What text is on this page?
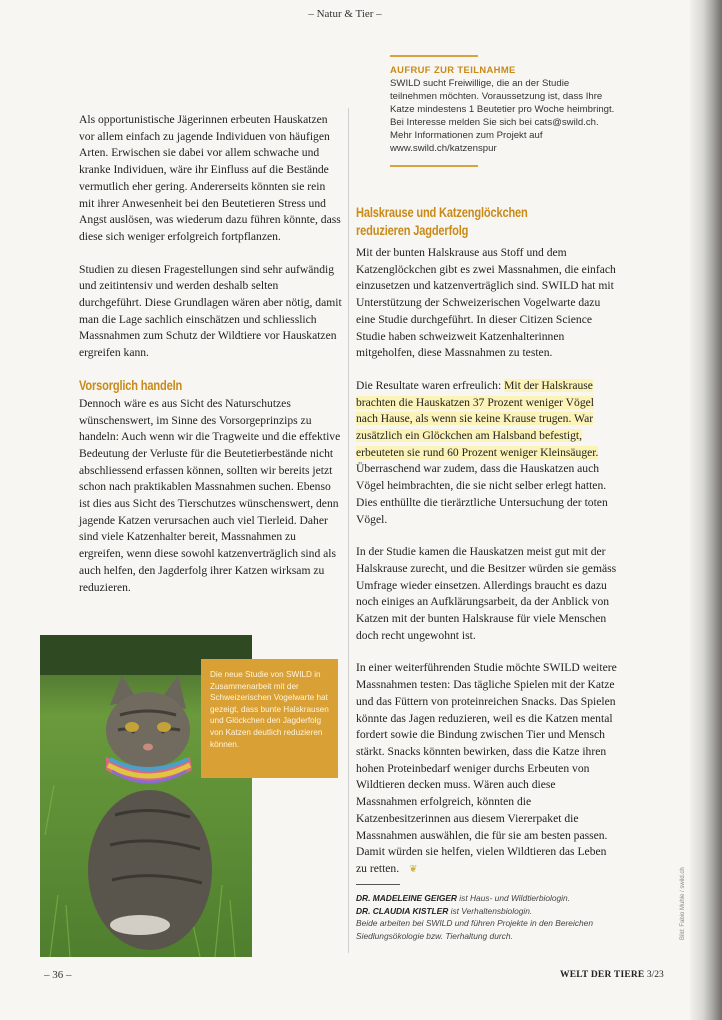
– Natur & Tier –
AUFRUF ZUR TEILNAHME
SWILD sucht Freiwillige, die an der Studie teilnehmen möchten. Voraussetzung ist, dass Ihre Katze mindestens 1 Beutetier pro Woche heimbringt. Bei Interesse melden Sie sich bei cats@swild.ch. Mehr Informationen zum Projekt auf www.swild.ch/katzenspur

Als opportunistische Jägerinnen erbeuten Hauskatzen vor allem einfach zu jagende Individuen von häufigen Arten. Erwischen sie dabei vor allem schwache und kranke Individuen, wäre ihr Einfluss auf die Bestände vermutlich eher gering. Andererseits könnten sie rein mit ihrer Anwesenheit bei den Beutetieren Stress und Angst auslösen, was wiederum dazu führen könnte, dass diese sich weniger erfolgreich fortpflanzen.

Studien zu diesen Fragestellungen sind sehr aufwändig und zeitintensiv und werden deshalb selten durchgeführt. Diese Grundlagen wären aber nötig, damit man die Lage sachlich einschätzen und schliesslich Massnahmen zum Schutz der Wildtiere vor Hauskatzen ergreifen kann.

Vorsorglich handeln

Dennoch wäre es aus Sicht des Naturschutzes wünschenswert, im Sinne des Vorsorgeprinzips zu handeln: Auch wenn wir die Tragweite und die effektive Bedeutung der Verluste für die Beutetierbestände nicht abschliessend erfassen können, sollten wir bereits jetzt schon nach praktikablen Massnahmen suchen. Ebenso ist dies aus Sicht des Tierschutzes wünschenswert, denn jagende Katzen verursachen auch viel Tierleid. Daher sind viele Katzenhalter bereit, Massnahmen zu ergreifen, wenn diese sowohl katzenverträglich sind als auch helfen, den Jagderfolg ihrer Katzen wirksam zu reduzieren.

Halskrause und Katzenglöckchen
reduzieren Jagderfolg

Mit der bunten Halskrause aus Stoff und dem Katzenglöckchen gibt es zwei Massnahmen, die einfach einzusetzen und katzenverträglich sind. SWILD hat mit Unterstützung der Schweizerischen Vogelwarte dazu eine Studie durchgeführt. In dieser Citizen Science Studie haben schweizweit Katzenhalterinnen mitgeholfen, diese Massnahmen zu testen.

Die Resultate waren erfreulich: Mit der Halskrause brachten die Hauskatzen 37 Prozent weniger Vögel nach Hause, als wenn sie keine Krause trugen. War zusätzlich ein Glöckchen am Halsband befestigt, erbeuteten sie rund 60 Prozent weniger Kleinsäuger. Überraschend war zudem, dass die Hauskatzen auch Vögel heimbrachten, die sie nicht selber erlegt hatten. Dies enthüllte die tierärztliche Untersuchung der toten Vögel.

In der Studie kamen die Hauskatzen meist gut mit der Halskrause zurecht, und die Besitzer würden sie gemäss Umfrage wieder einsetzen. Allerdings braucht es dazu noch einiges an Aufklärungsarbeit, da der Anblick von Katzen mit der bunten Halskrause für viele Menschen doch recht ungewohnt ist.

In einer weiterführenden Studie möchte SWILD weitere Massnahmen testen: Das tägliche Spielen mit der Katze und das Füttern von proteinreichen Snacks. Das Spielen könnte das Jagen reduzieren, weil es die Katzen mental fordert sowie die Bindung zwischen Tier und Mensch stärkt. Snacks könnten bewirken, dass die Katze ihren hohen Proteinbedarf weniger durchs Erbeuten von Wildtieren decken muss. Wären auch diese Massnahmen erfolgreich, könnten die Katzenbesitzerinnen aus diesem Viererpaket die Massnahmen auswählen, die für sie am besten passen. Damit würden sie helfen, vielen Wildtieren das Leben zu retten. ❦

Die neue Studie von SWILD in Zusammenarbeit mit der Schweizerischen Vogelwarte hat gezeigt, dass bunte Halskrausen und Glöckchen den Jagderfolg von Katzen deutlich reduzieren können.

DR. MADELEINE GEIGER ist Haus- und Wildtierbiologin.
DR. CLAUDIA KISTLER ist Verhaltensbiologin.
Beide arbeiten bei SWILD und führen Projekte in den Bereichen Siedlungsökologie bzw. Tierhaltung durch.
– 36 –	WELT DER TIERE 3/23
Bild: Fabio Muhle / swild.ch
